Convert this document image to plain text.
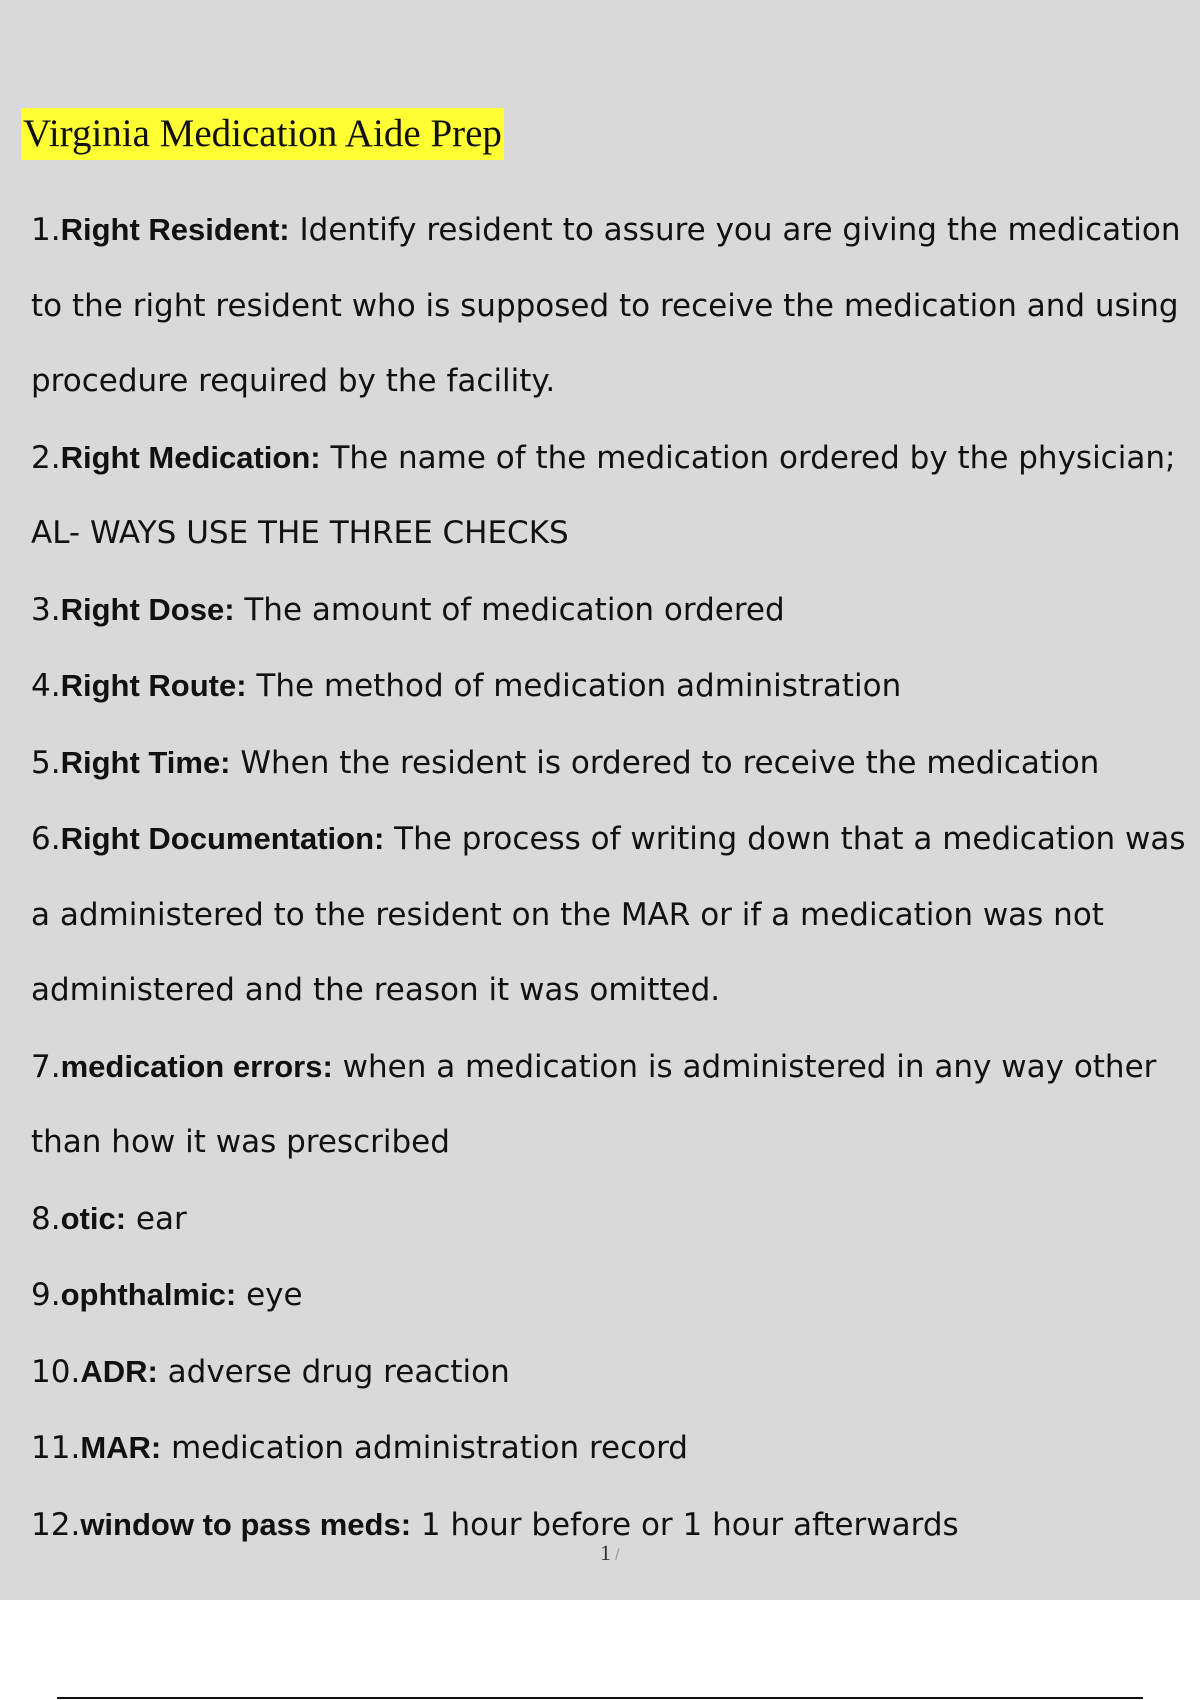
Virginia Medication Aide Prep
1.Right Resident: Identify resident to assure you are giving the medication to the right resident who is supposed to receive the medication and using procedure required by the facility.
2.Right Medication: The name of the medication ordered by the physician; AL- WAYS USE THE THREE CHECKS
3.Right Dose: The amount of medication ordered
4.Right Route: The method of medication administration
5.Right Time: When the resident is ordered to receive the medication
6.Right Documentation: The process of writing down that a medication was a administered to the resident on the MAR or if a medication was not administered and the reason it was omitted.
7.medication errors: when a medication is administered in any way other than how it was prescribed
8.otic: ear
9.ophthalmic: eye
10.ADR: adverse drug reaction
11.MAR: medication administration record
12.window to pass meds: 1 hour before or 1 hour afterwards
1 /
